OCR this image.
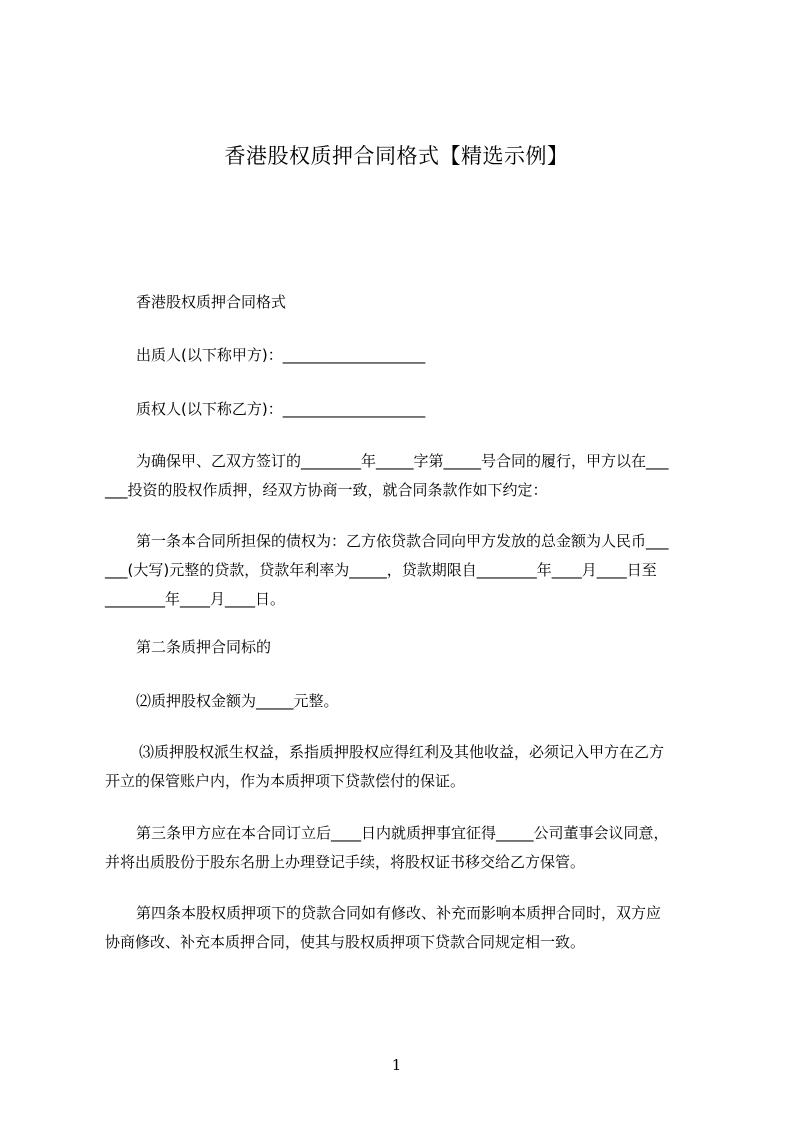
香港股权质押合同格式【精选示例】
香港股权质押合同格式
出质人(以下称甲方)：___________________
质权人(以下称乙方)：___________________
为确保甲、乙双方签订的________年_____字第_____号合同的履行，甲方以在___
___投资的股权作质押，经双方协商一致，就合同条款作如下约定：
第一条本合同所担保的债权为：乙方依贷款合同向甲方发放的总金额为人民币___
___(大写)元整的贷款，贷款年利率为_____，贷款期限自________年____月____日至
________年____月____日。
第二条质押合同标的
⑵质押股权金额为_____元整。
⑶质押股权派生权益，系指质押股权应得红利及其他收益，必须记入甲方在乙方
开立的保管账户内，作为本质押项下贷款偿付的保证。
第三条甲方应在本合同订立后____日内就质押事宜征得_____公司董事会议同意，
并将出质股份于股东名册上办理登记手续，将股权证书移交给乙方保管。
第四条本股权质押项下的贷款合同如有修改、补充而影响本质押合同时，双方应
协商修改、补充本质押合同，使其与股权质押项下贷款合同规定相一致。
1
